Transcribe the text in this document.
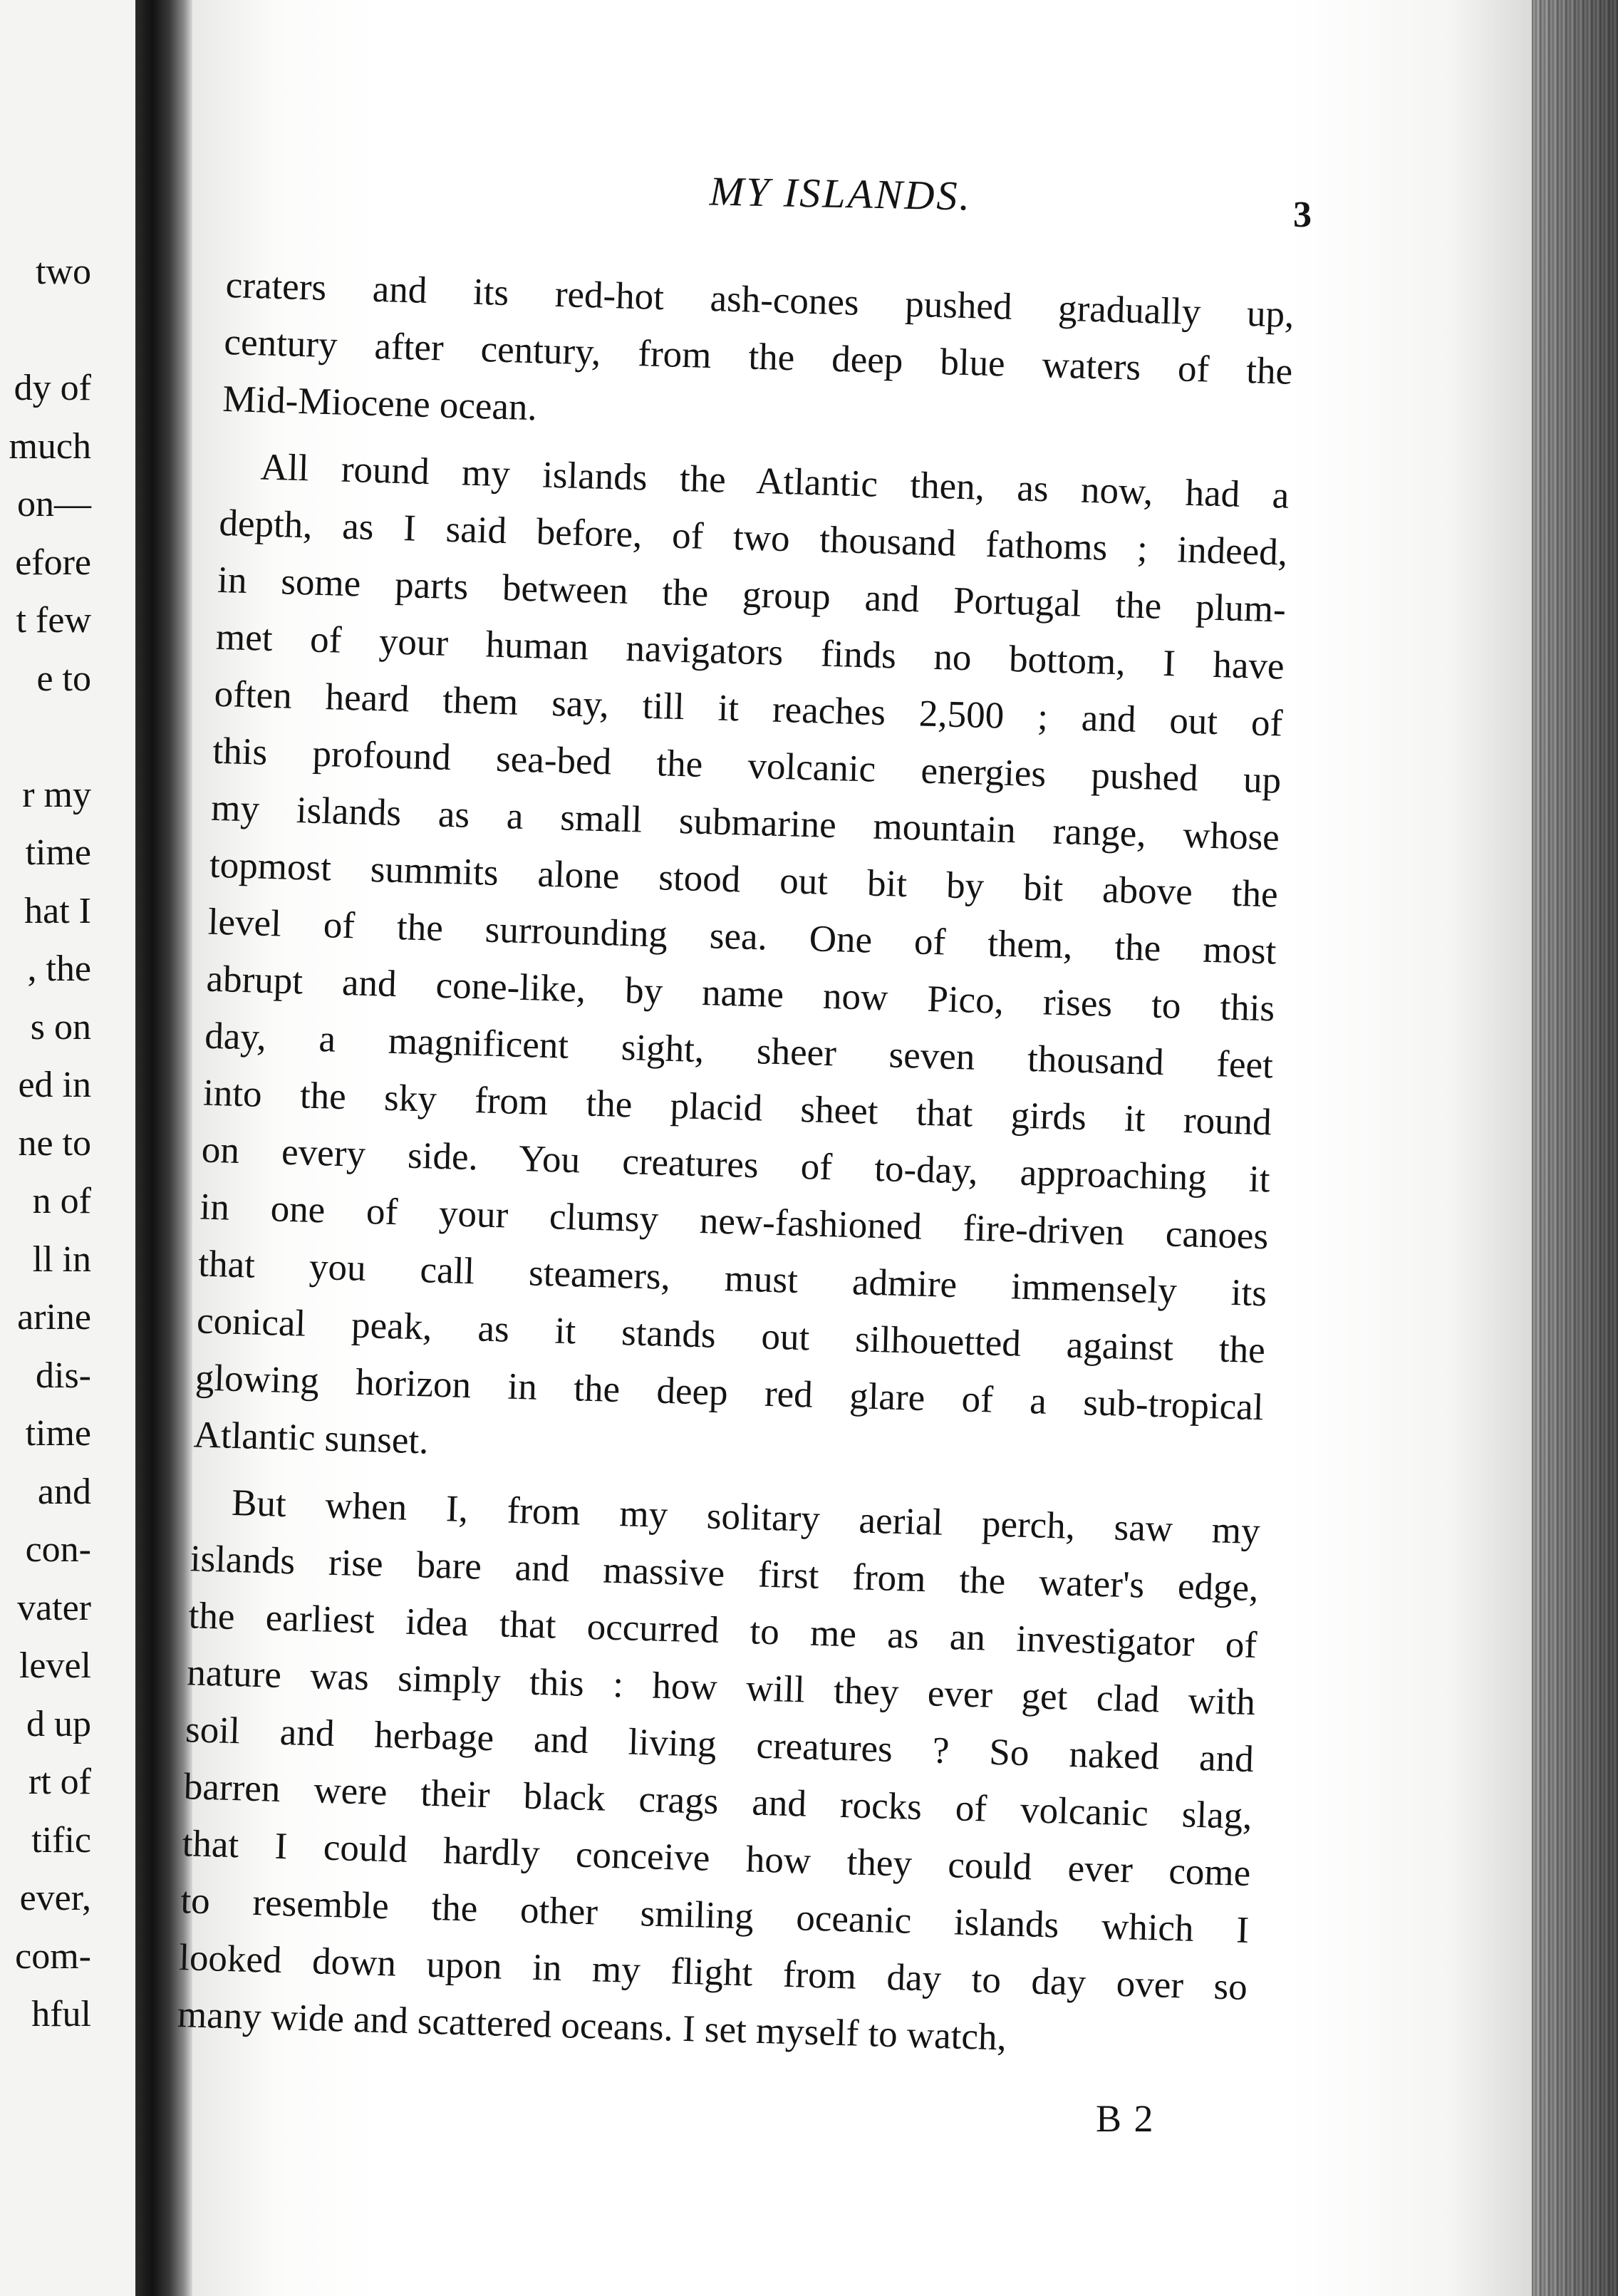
two
dy of
much
on—
efore
t few
e to
r my
time
hat I
, the
s on
ed in
ne to
n of
ll in
arine
dis-
time
and
con-
vater
level
d up
rt of
tific
ever,
com-
hful
MY ISLANDS.	3
craters and its red-hot ash-cones pushed gradually up,
century after century, from the deep blue waters of the
Mid-Miocene ocean.
All round my islands the Atlantic then, as now, had a
depth, as I said before, of two thousand fathoms ; indeed,
in some parts between the group and Portugal the plum-
met of your human navigators finds no bottom, I have
often heard them say, till it reaches 2,500 ; and out of
this profound sea-bed the volcanic energies pushed up
my islands as a small submarine mountain range, whose
topmost summits alone stood out bit by bit above the
level of the surrounding sea. One of them, the most
abrupt and cone-like, by name now Pico, rises to this
day, a magnificent sight, sheer seven thousand feet
into the sky from the placid sheet that girds it round
on every side. You creatures of to-day, approaching it
in one of your clumsy new-fashioned fire-driven canoes
that you call steamers, must admire immensely its
conical peak, as it stands out silhouetted against the
glowing horizon in the deep red glare of a sub-tropical
Atlantic sunset.
But when I, from my solitary aerial perch, saw my
islands rise bare and massive first from the water's edge,
the earliest idea that occurred to me as an investigator of
nature was simply this : how will they ever get clad with
soil and herbage and living creatures ? So naked and
barren were their black crags and rocks of volcanic slag,
that I could hardly conceive how they could ever come
to resemble the other smiling oceanic islands which I
looked down upon in my flight from day to day over so
many wide and scattered oceans. I set myself to watch,
B 2
